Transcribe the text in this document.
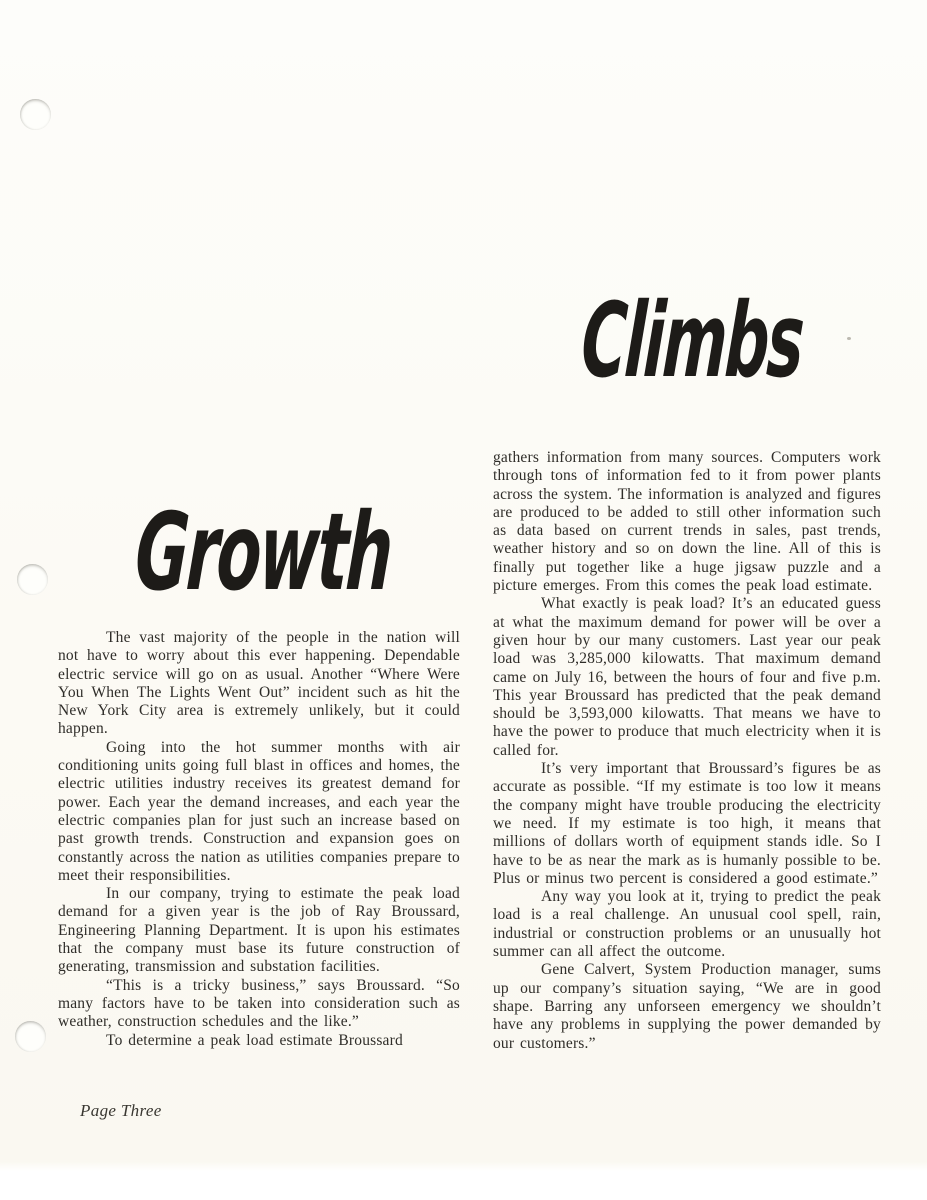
Climbs
Growth

The vast majority of the people in the nation will not have to worry about this ever happening. Dependable electric service will go on as usual. Another “Where Were You When The Lights Went Out” incident such as hit the New York City area is extremely unlikely, but it could happen.

Going into the hot summer months with air conditioning units going full blast in offices and homes, the electric utilities industry receives its greatest demand for power. Each year the demand increases, and each year the electric companies plan for just such an increase based on past growth trends. Construction and expansion goes on constantly across the nation as utilities companies prepare to meet their responsibilities.

In our company, trying to estimate the peak load demand for a given year is the job of Ray Broussard, Engineering Planning Department. It is upon his estimates that the company must base its future construction of generating, transmission and substation facilities.

“This is a tricky business,” says Broussard. “So many factors have to be taken into consideration such as weather, construction schedules and the like.”

To determine a peak load estimate Broussard

gathers information from many sources. Computers work through tons of information fed to it from power plants across the system. The information is analyzed and figures are produced to be added to still other information such as data based on current trends in sales, past trends, weather history and so on down the line. All of this is finally put together like a huge jigsaw puzzle and a picture emerges. From this comes the peak load estimate.

What exactly is peak load? It’s an educated guess at what the maximum demand for power will be over a given hour by our many customers. Last year our peak load was 3,285,000 kilowatts. That maximum demand came on July 16, between the hours of four and five p.m. This year Broussard has predicted that the peak demand should be 3,593,000 kilowatts. That means we have to have the power to produce that much electricity when it is called for.

It’s very important that Broussard’s figures be as accurate as possible. “If my estimate is too low it means the company might have trouble producing the electricity we need. If my estimate is too high, it means that millions of dollars worth of equipment stands idle. So I have to be as near the mark as is humanly possible to be. Plus or minus two percent is considered a good estimate.”

Any way you look at it, trying to predict the peak load is a real challenge. An unusual cool spell, rain, industrial or construction problems or an unusually hot summer can all affect the outcome.

Gene Calvert, System Production manager, sums up our company’s situation saying, “We are in good shape. Barring any unforseen emergency we shouldn’t have any problems in supplying the power demanded by our customers.”

Page Three
